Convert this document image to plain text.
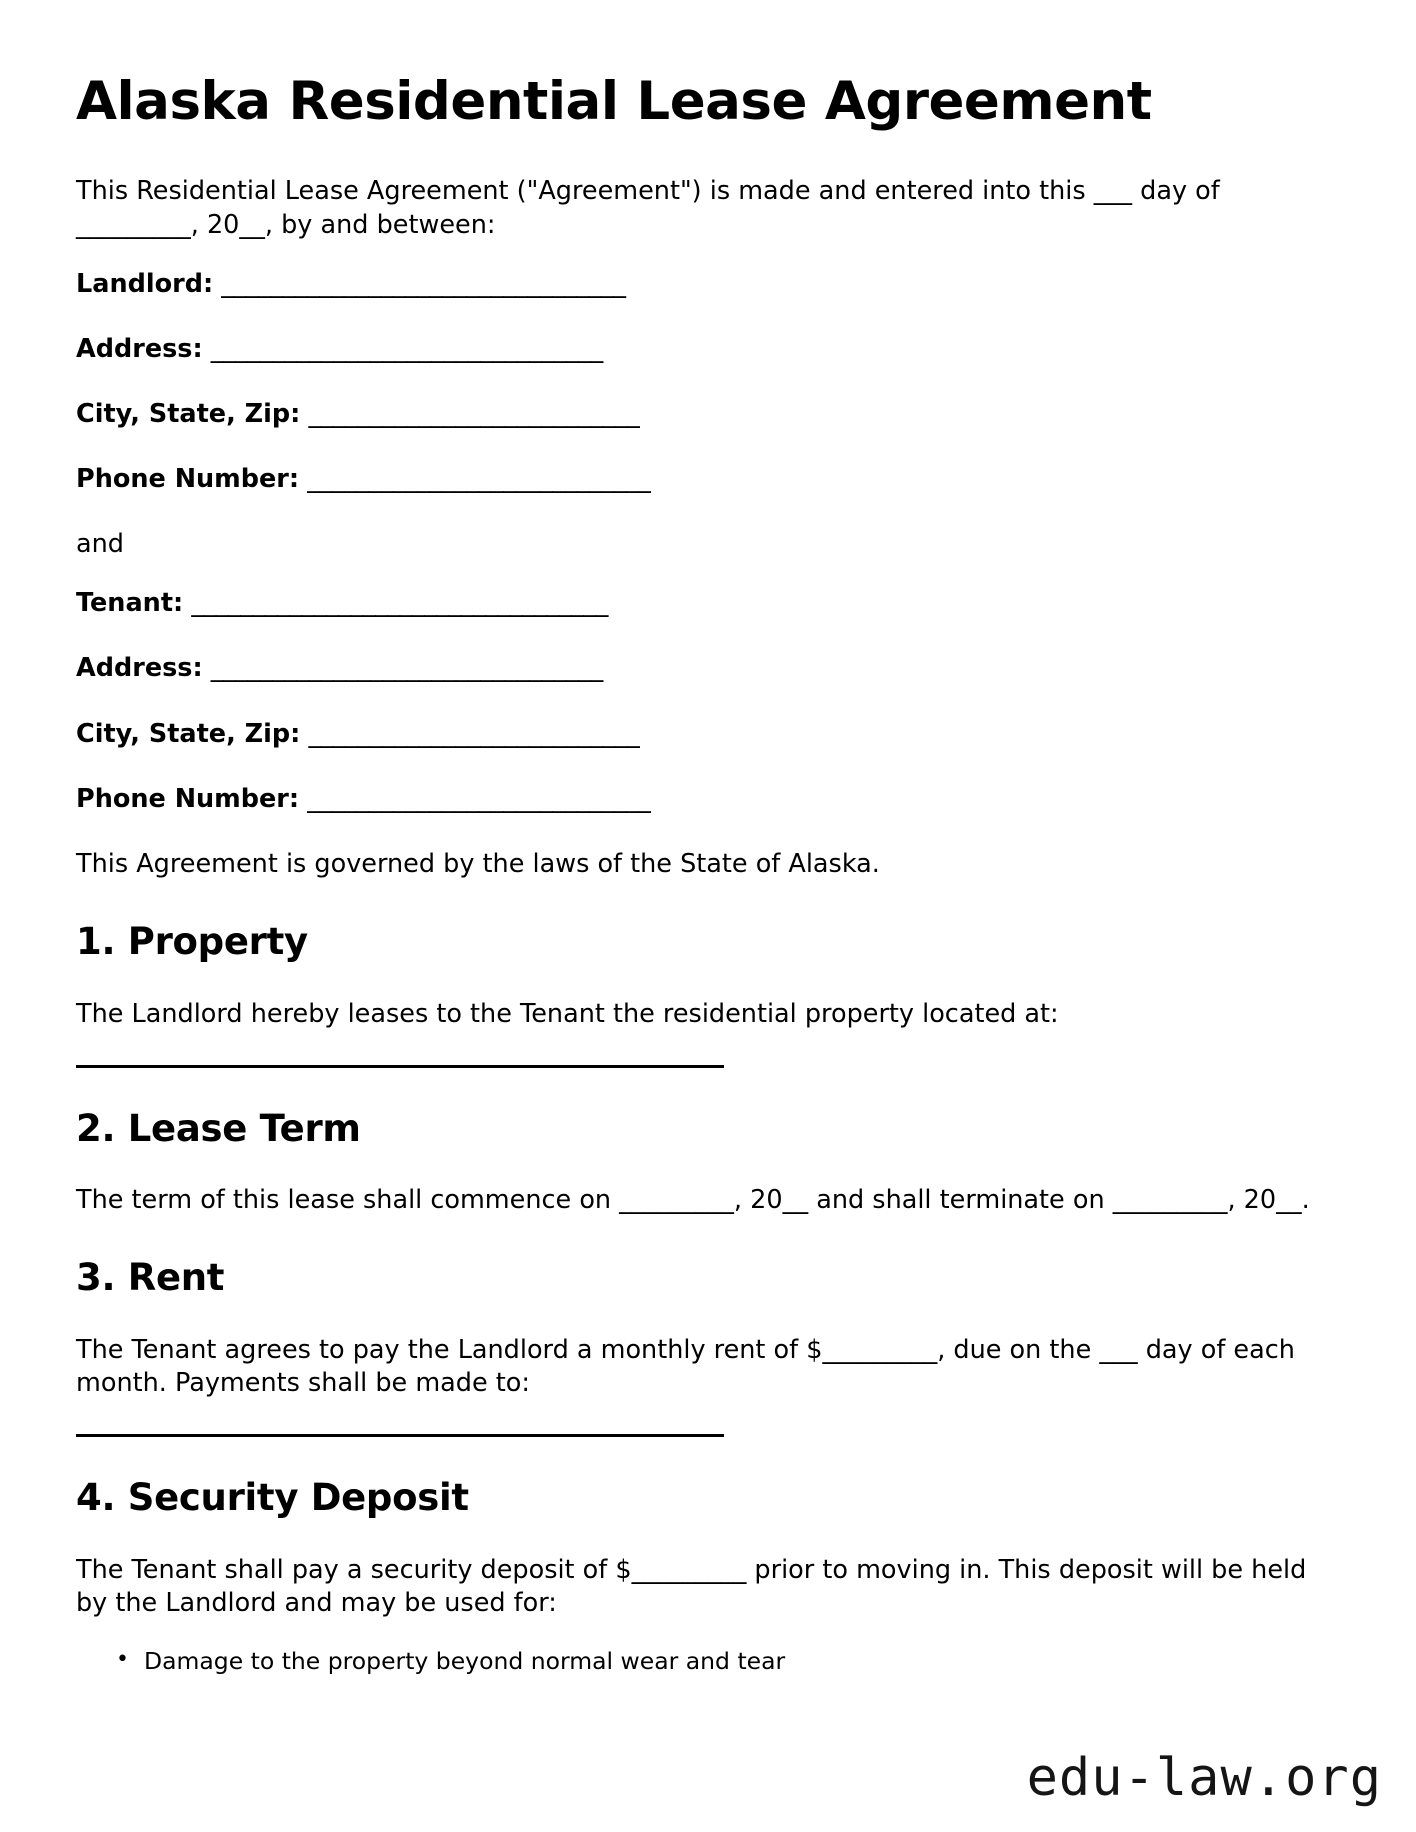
Alaska Residential Lease Agreement

This Residential Lease Agreement ("Agreement") is made and entered into this ___ day of _________, 20__, by and between:

Landlord: _________________________________
Address: ________________________________
City, State, Zip: ___________________________
Phone Number: ____________________________
and
Tenant: __________________________________
Address: ________________________________
City, State, Zip: ___________________________
Phone Number: ____________________________

This Agreement is governed by the laws of the State of Alaska.

1. Property

The Landlord hereby leases to the Tenant the residential property located at:

2. Lease Term

The term of this lease shall commence on _________, 20__ and shall terminate on _________, 20__.

3. Rent

The Tenant agrees to pay the Landlord a monthly rent of $_________, due on the ___ day of each month. Payments shall be made to:

4. Security Deposit

The Tenant shall pay a security deposit of $_________ prior to moving in. This deposit will be held by the Landlord and may be used for:

• Damage to the property beyond normal wear and tear
edu-law.org
